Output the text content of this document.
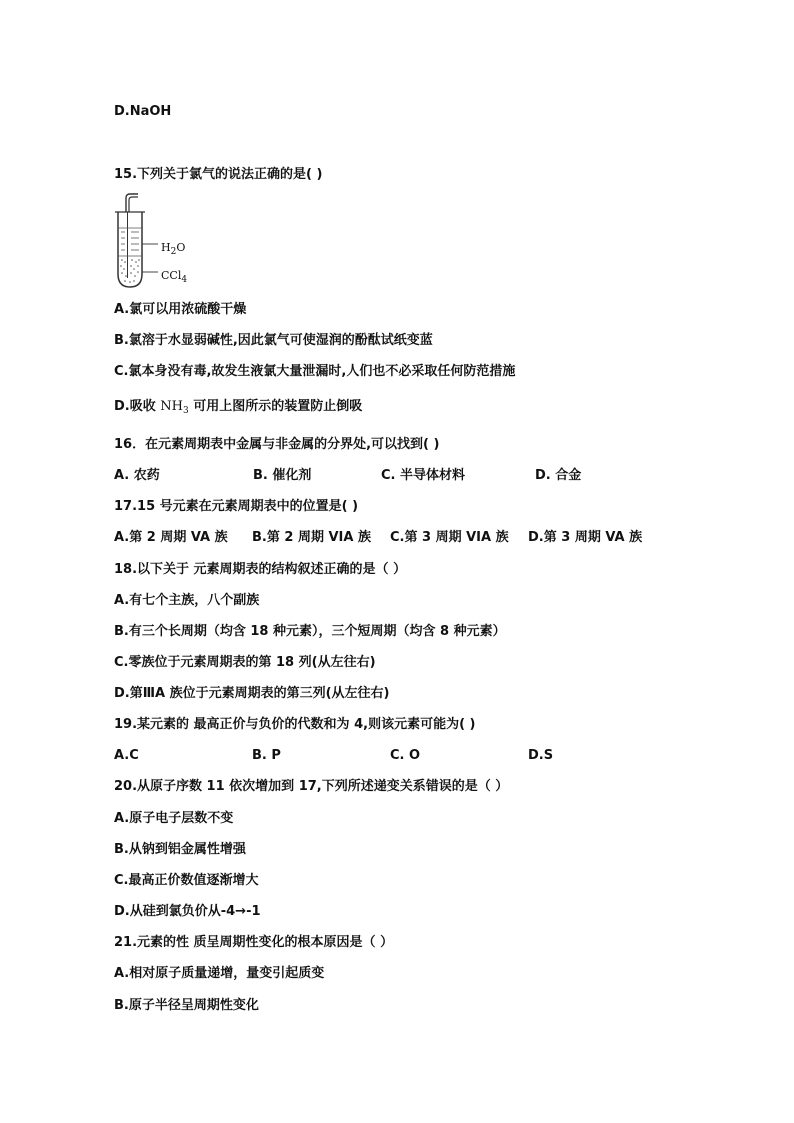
D.NaOH
15.下列关于氯气的说法正确的是( )
$H_2O$
CCl$_4$
A.氯可以用浓硫酸干燥
B.氯溶于水显弱碱性,因此氯气可使湿润的酚酞试纸变蓝
C.氯本身没有毒,故发生液氯大量泄漏时,人们也不必采取任何防范措施
D.吸收 $NH_3$ 可用上图所示的装置防止倒吸
16．在元素周期表中金属与非金属的分界处,可以找到( )
A. 农药	B. 催化剂	C. 半导体材料	D. 合金
17.15 号元素在元素周期表中的位置是( )
A.第 2 周期 VA 族 B.第 2 周期 VIA 族 C.第 3 周期 VIA 族 D.第 3 周期 VA 族
18.以下关于 元素周期表的结构叙述正确的是（ ）
A.有七个主族，八个副族
B.有三个长周期（均含 18 种元素），三个短周期（均含 8 种元素）
C.零族位于元素周期表的第 18 列(从左往右)
D.第ⅢA 族位于元素周期表的第三列(从左往右)
19.某元素的 最高正价与负价的代数和为 4,则该元素可能为( )
A.C	B. P	C. O	D.S
20.从原子序数 11 依次增加到 17,下列所述递变关系错误的是（ ）
A.原子电子层数不变
B.从钠到铝金属性增强
C.最高正价数值逐渐增大
D.从硅到氯负价从-4→-1
21.元素的性 质呈周期性变化的根本原因是（ ）
A.相对原子质量递增，量变引起质变
B.原子半径呈周期性变化
